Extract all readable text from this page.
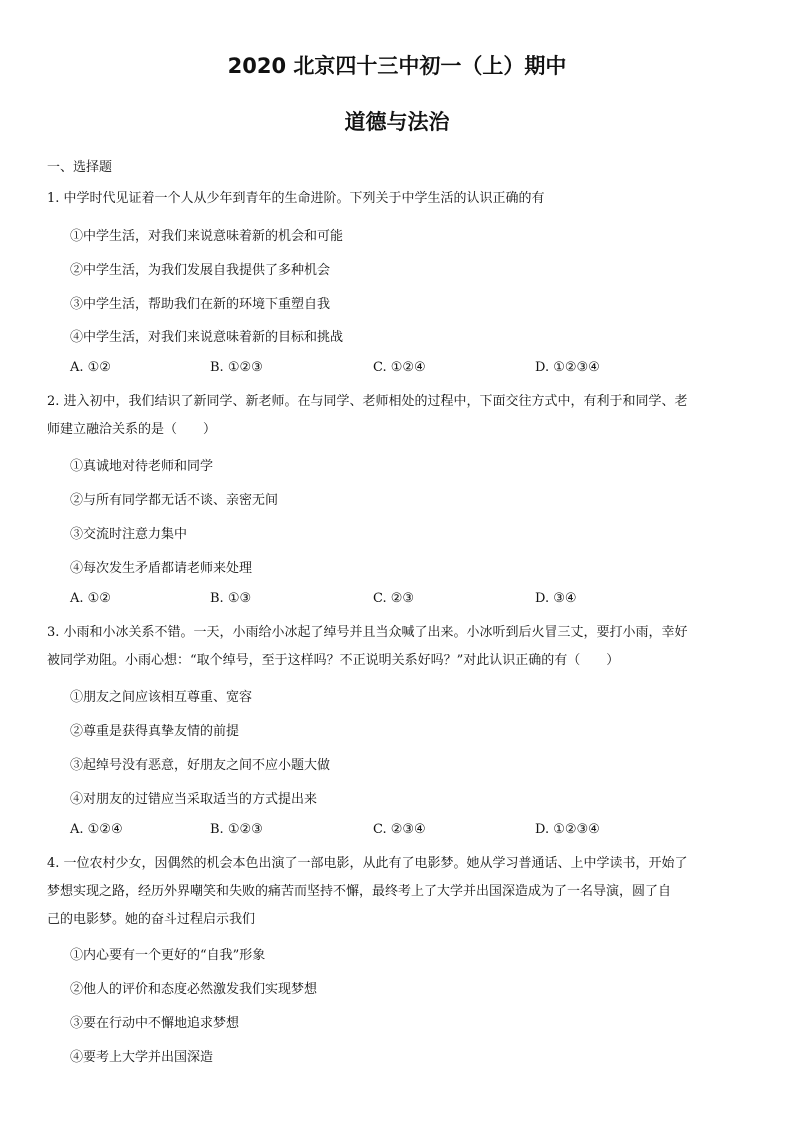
2020 北京四十三中初一（上）期中
道德与法治
一、选择题
1. 中学时代见证着一个人从少年到青年的生命进阶。下列关于中学生活的认识正确的有
①中学生活，对我们来说意味着新的机会和可能
②中学生活，为我们发展自我提供了多种机会
③中学生活，帮助我们在新的环境下重塑自我
④中学生活，对我们来说意味着新的目标和挑战
A. ①②	B. ①②③	C. ①②④	D. ①②③④
2. 进入初中，我们结识了新同学、新老师。在与同学、老师相处的过程中，下面交往方式中，有利于和同学、老
师建立融洽关系的是（　　）
①真诚地对待老师和同学
②与所有同学都无话不谈、亲密无间
③交流时注意力集中
④每次发生矛盾都请老师来处理
A. ①②	B. ①③	C. ②③	D. ③④
3. 小雨和小冰关系不错。一天，小雨给小冰起了绰号并且当众喊了出来。小冰听到后火冒三丈，要打小雨，幸好
被同学劝阻。小雨心想：“取个绰号，至于这样吗？不正说明关系好吗？”对此认识正确的有（　　）
①朋友之间应该相互尊重、宽容
②尊重是获得真挚友情的前提
③起绰号没有恶意，好朋友之间不应小题大做
④对朋友的过错应当采取适当的方式提出来
A. ①②④	B. ①②③	C. ②③④	D. ①②③④
4. 一位农村少女，因偶然的机会本色出演了一部电影，从此有了电影梦。她从学习普通话、上中学读书，开始了
梦想实现之路，经历外界嘲笑和失败的痛苦而坚持不懈，最终考上了大学并出国深造成为了一名导演，圆了自
己的电影梦。她的奋斗过程启示我们
①内心要有一个更好的“自我”形象
②他人的评价和态度必然激发我们实现梦想
③要在行动中不懈地追求梦想
④要考上大学并出国深造
